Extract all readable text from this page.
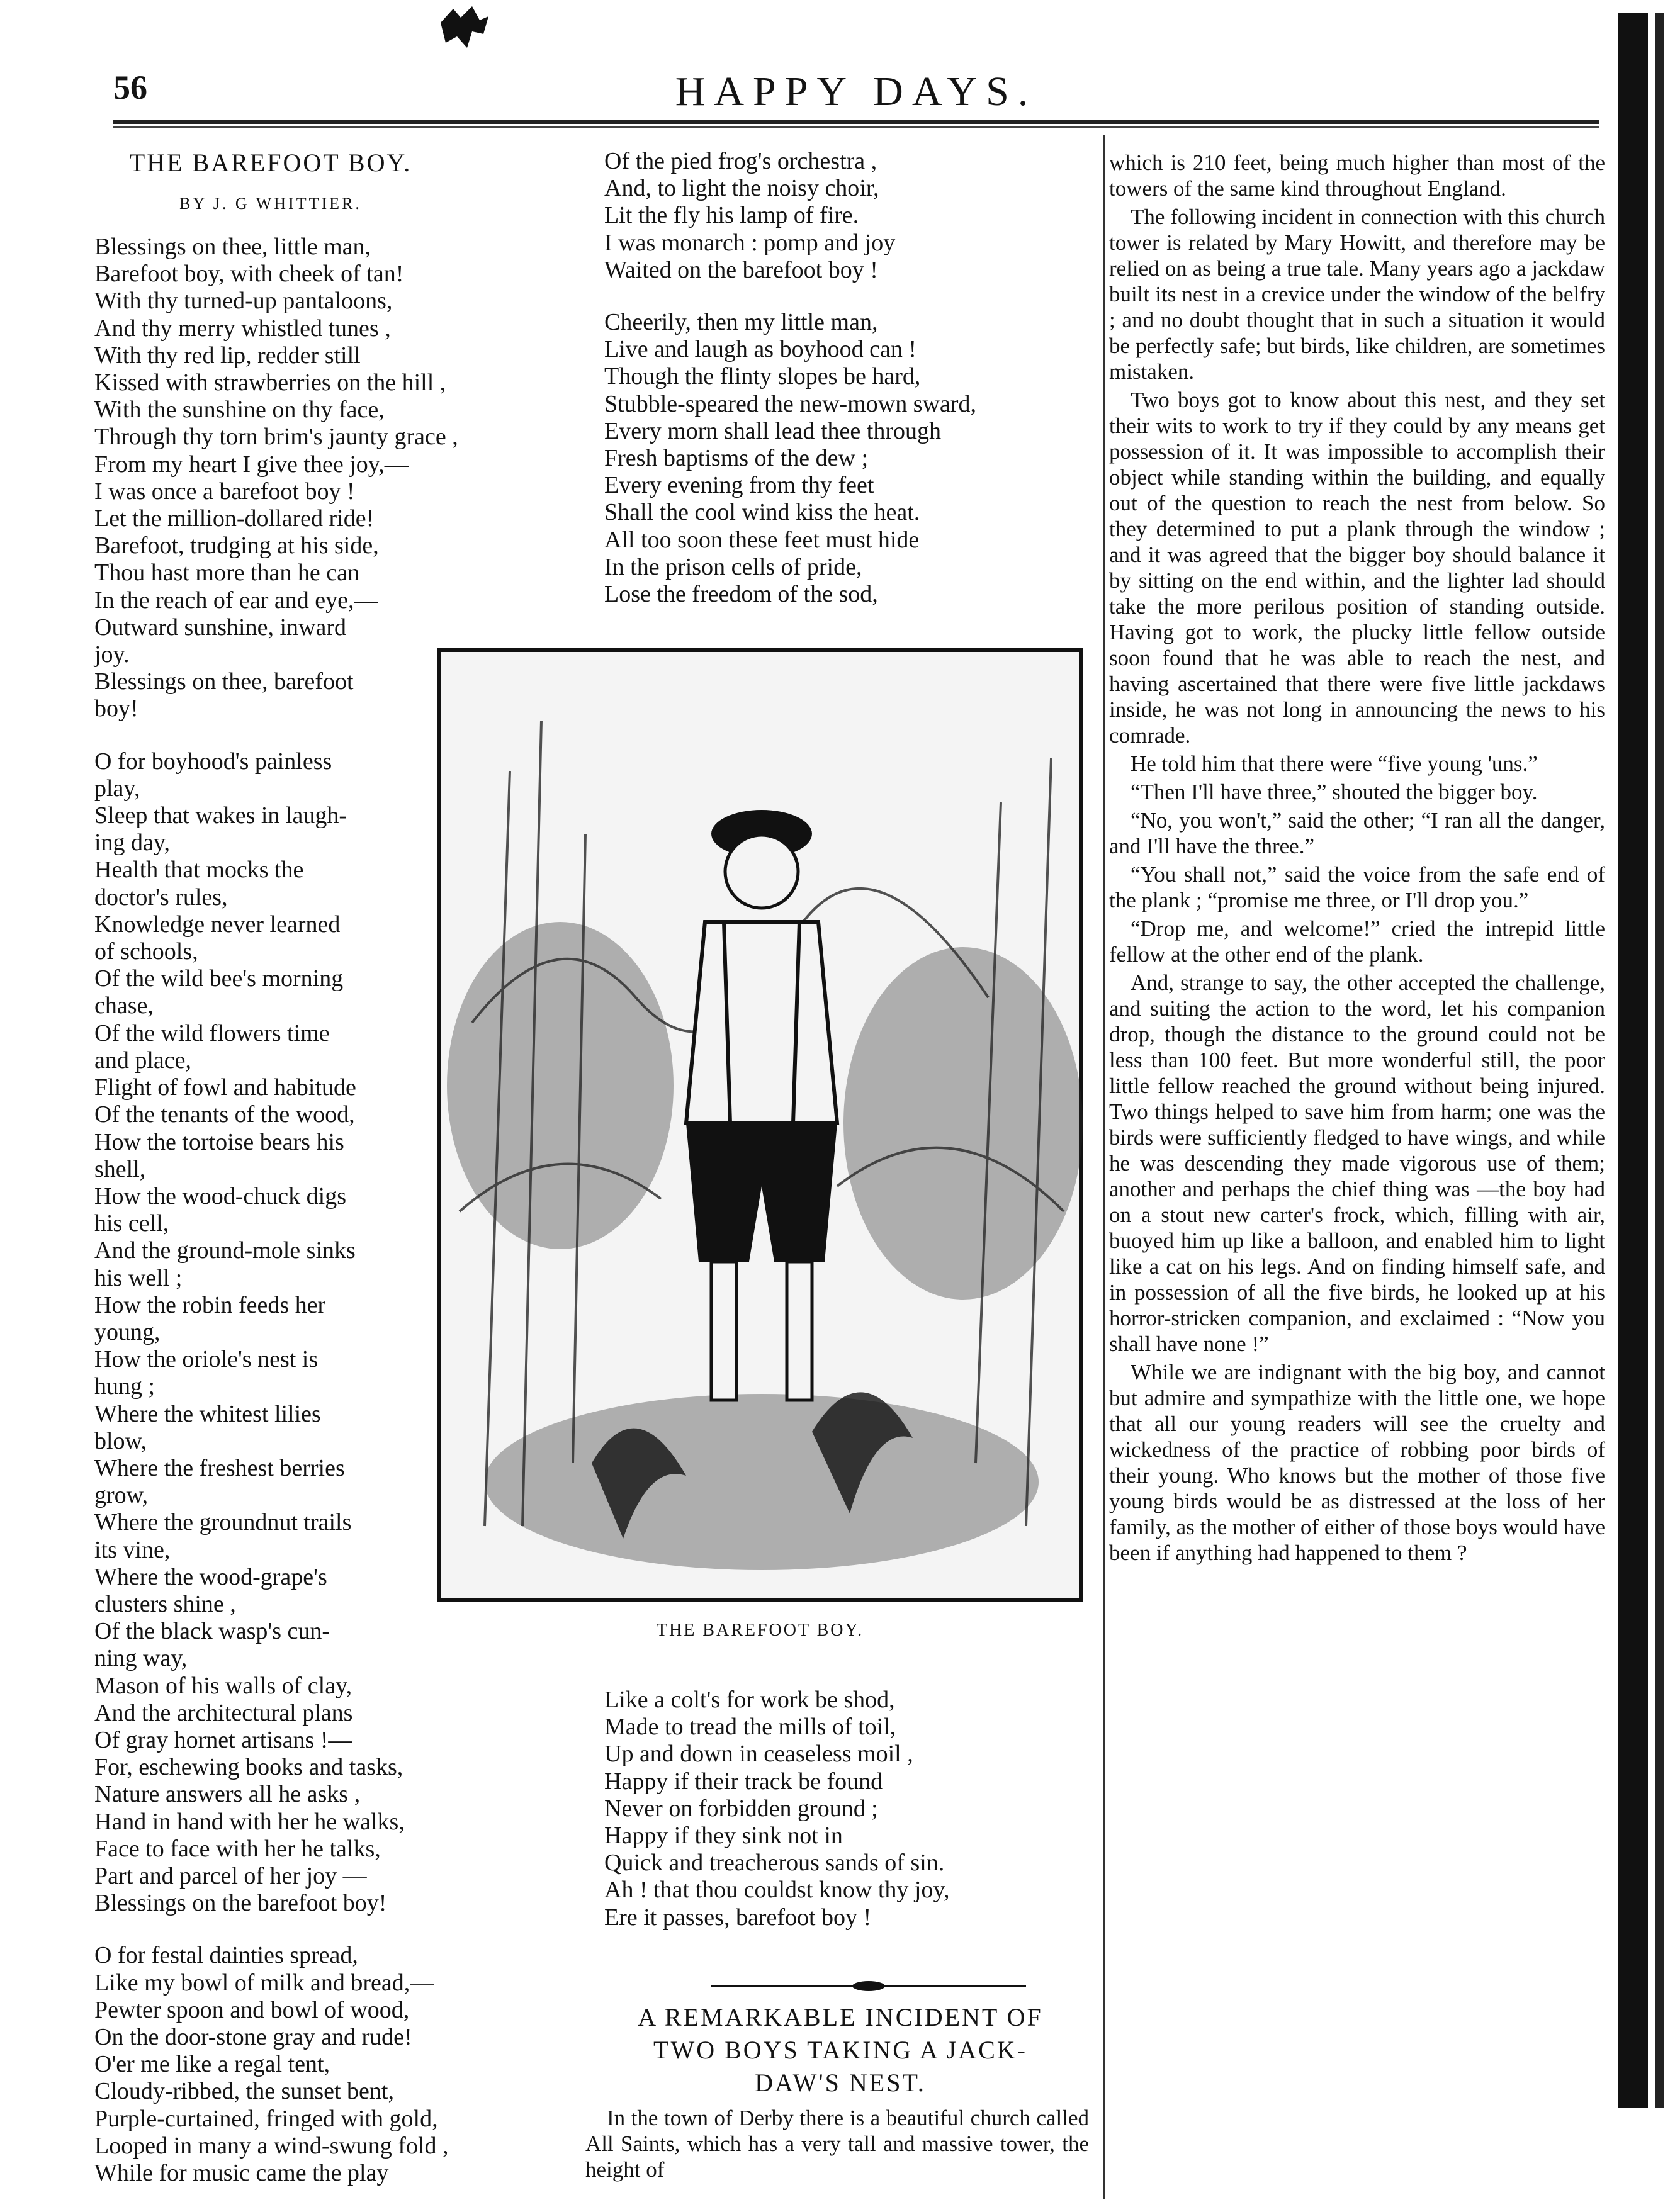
56	HAPPY DAYS.
THE BAREFOOT BOY.
BY J. G WHITTIER.
Blessings on thee, little man,
Barefoot boy, with cheek of tan!
With thy turned-up pantaloons,
And thy merry whistled tunes ,
With thy red lip, redder still
Kissed with strawberries on the hill ,
With the sunshine on thy face,
Through thy torn brim's jaunty grace ,
From my heart I give thee joy,—
I was once a barefoot boy !
Let the million-dollared ride!
Barefoot, trudging at his side,
Thou hast more than he can
In the reach of ear and eye,—
Outward sunshine, inward
joy.
Blessings on thee, barefoot
boy!
O for boyhood's painless
play,
Sleep that wakes in laugh-
ing day,
Health that mocks the
doctor's rules,
Knowledge never learned
of schools,
Of the wild bee's morning
chase,
Of the wild flowers time
and place,
Flight of fowl and habitude
Of the tenants of the wood,
How the tortoise bears his
shell,
How the wood-chuck digs
his cell,
And the ground-mole sinks
his well ;
How the robin feeds her
young,
How the oriole's nest is
hung ;
Where the whitest lilies
blow,
Where the freshest berries
grow,
Where the groundnut trails
its vine,
Where the wood-grape's
clusters shine ,
Of the black wasp's cun-
ning way,
Mason of his walls of clay,
And the architectural plans
Of gray hornet artisans !—
For, eschewing books and tasks,
Nature answers all he asks ,
Hand in hand with her he walks,
Face to face with her he talks,
Part and parcel of her joy —
Blessings on the barefoot boy!
O for festal dainties spread,
Like my bowl of milk and bread,—
Pewter spoon and bowl of wood,
On the door-stone gray and rude!
O'er me like a regal tent,
Cloudy-ribbed, the sunset bent,
Purple-curtained, fringed with gold,
Looped in many a wind-swung fold ,
While for music came the play
Of the pied frog's orchestra ,
And, to light the noisy choir,
Lit the fly his lamp of fire.
I was monarch : pomp and joy
Waited on the barefoot boy !
Cheerily, then my little man,
Live and laugh as boyhood can !
Though the flinty slopes be hard,
Stubble-speared the new-mown sward,
Every morn shall lead thee through
Fresh baptisms of the dew ;
Every evening from thy feet
Shall the cool wind kiss the heat.
All too soon these feet must hide
In the prison cells of pride,
Lose the freedom of the sod,
THE BAREFOOT BOY.
Like a colt's for work be shod,
Made to tread the mills of toil,
Up and down in ceaseless moil ,
Happy if their track be found
Never on forbidden ground ;
Happy if they sink not in
Quick and treacherous sands of sin.
Ah ! that thou couldst know thy joy,
Ere it passes, barefoot boy !
A REMARKABLE INCIDENT OF
TWO BOYS TAKING A JACK-
DAW'S NEST.

In the town of Derby there is a beautiful church called All Saints, which has a very tall and massive tower, the height of

which is 210 feet, being much higher than most of the towers of the same kind throughout England.

The following incident in connection with this church tower is related by Mary Howitt, and therefore may be relied on as being a true tale. Many years ago a jackdaw built its nest in a crevice under the window of the belfry ; and no doubt thought that in such a situation it would be perfectly safe; but birds, like children, are sometimes mistaken.

Two boys got to know about this nest, and they set their wits to work to try if they could by any means get possession of it. It was impossible to accomplish their object while standing within the building, and equally out of the question to reach the nest from below. So they determined to put a plank through the window ; and it was agreed that the bigger boy should balance it by sitting on the end within, and the lighter lad should take the more perilous position of standing outside. Having got to work, the plucky little fellow outside soon found that he was able to reach the nest, and having ascertained that there were five little jackdaws inside, he was not long in announcing the news to his comrade.

He told him that there were “five young 'uns.”

“Then I'll have three,” shouted the bigger boy.

“No, you won't,” said the other; “I ran all the danger, and I'll have the three.”

“You shall not,” said the voice from the safe end of the plank ; “promise me three, or I'll drop you.”

“Drop me, and welcome!” cried the intrepid little fellow at the other end of the plank.

And, strange to say, the other accepted the challenge, and suiting the action to the word, let his companion drop, though the distance to the ground could not be less than 100 feet. But more wonderful still, the poor little fellow reached the ground without being injured. Two things helped to save him from harm; one was the birds were sufficiently fledged to have wings, and while he was descending they made vigorous use of them; another and perhaps the chief thing was —the boy had on a stout new carter's frock, which, filling with air, buoyed him up like a balloon, and enabled him to light like a cat on his legs. And on finding himself safe, and in possession of all the five birds, he looked up at his horror-stricken companion, and exclaimed : “Now you shall have none !”

While we are indignant with the big boy, and cannot but admire and sympathize with the little one, we hope that all our young readers will see the cruelty and wickedness of the practice of robbing poor birds of their young. Who knows but the mother of those five young birds would be as distressed at the loss of her family, as the mother of either of those boys would have been if anything had happened to them ?
